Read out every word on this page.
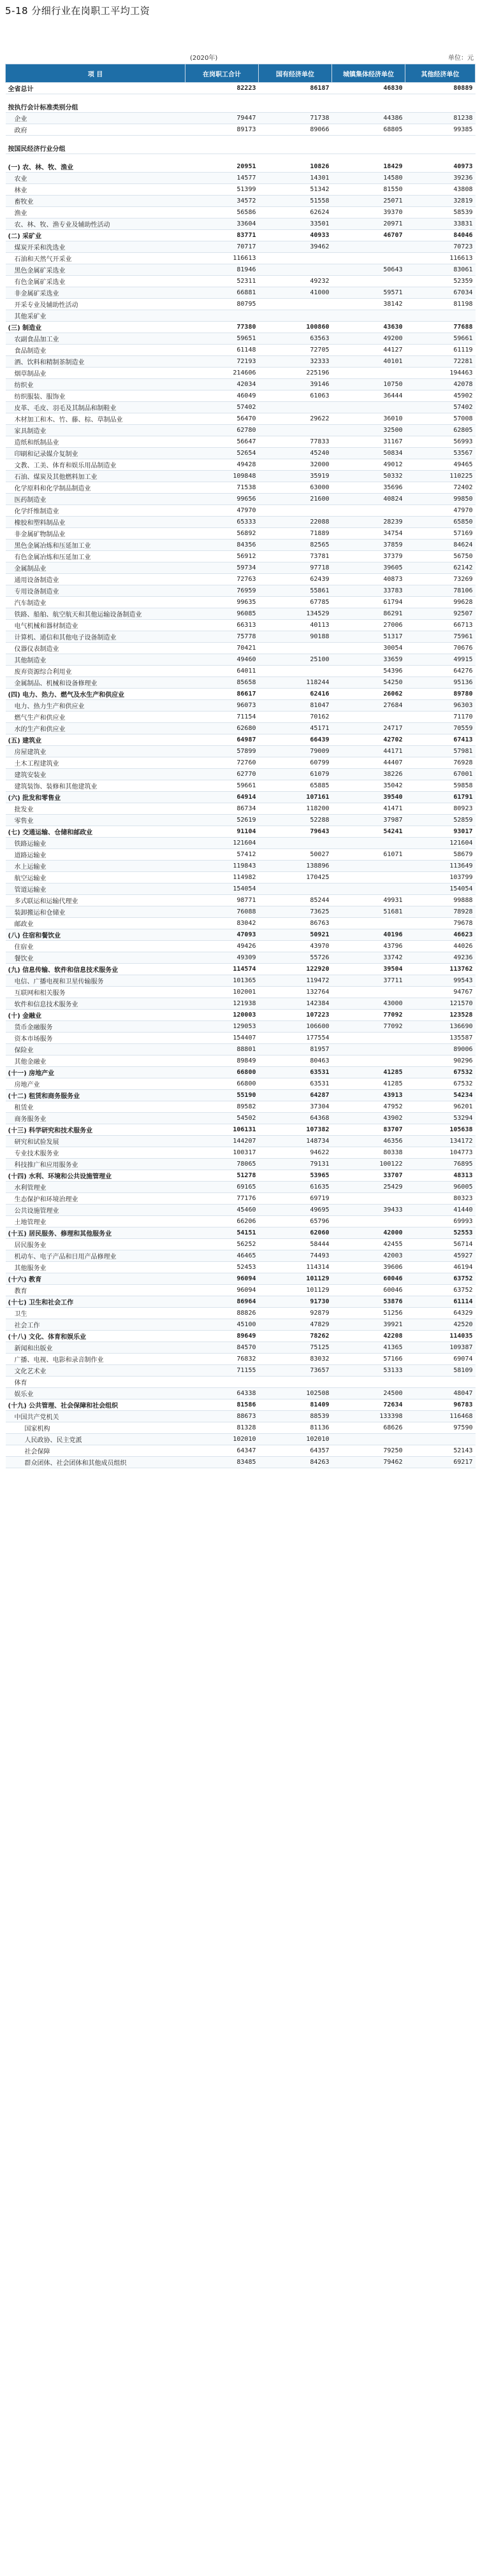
5-18 分细行业在岗职工平均工资
(2020年)	单位：元
项 目	在岗职工合计	国有经济单位	城镇集体经济单位	其他经济单位
全省总计	82223	86187	46830	80889

按执行会计标准类别分组				
企业	79447	71738	44386	81238
政府	89173	89066	68805	99385

按国民经济行业分组				

(一) 农、林、牧、渔业	20951	10826	18429	40973
农业	14577	14301	14580	39236
林业	51399	51342	81550	43808
畜牧业	34572	51558	25071	32819
渔业	56586	62624	39370	58539
农、林、牧、渔专业及辅助性活动	33604	33501	20971	33831
(二) 采矿业	83771	40933	46707	84046
煤炭开采和洗选业	70717	39462		70723
石油和天然气开采业	116613			116613
黑色金属矿采选业	81946		50643	83061
有色金属矿采选业	52311	49232		52359
非金属矿采选业	66881	41000	59571	67034
开采专业及辅助性活动	80795		38142	81198
其他采矿业				
(三) 制造业	77380	100860	43630	77688
农副食品加工业	59651	63563	49200	59661
食品制造业	61148	72705	44127	61119
酒、饮料和精制茶制造业	72193	32333	40101	72281
烟草制品业	214606	225196		194463
纺织业	42034	39146	10750	42078
纺织服装、服饰业	46049	61063	36444	45902
皮革、毛皮、羽毛及其制品和制鞋业	57402			57402
木材加工和木、竹、藤、棕、草制品业	56470	29622	36010	57008
家具制造业	62780		32500	62805
造纸和纸制品业	56647	77833	31167	56993
印刷和记录媒介复制业	52654	45240	50834	53567
文教、工美、体育和娱乐用品制造业	49428	32000	49012	49465
石油、煤炭及其他燃料加工业	109848	35919	50332	110225
化学原料和化学制品制造业	71538	63000	35696	72402
医药制造业	99656	21600	40824	99850
化学纤维制造业	47970			47970
橡胶和塑料制品业	65333	22088	28239	65850
非金属矿物制品业	56892	71889	34754	57169
黑色金属冶炼和压延加工业	84356	82565	37859	84624
有色金属冶炼和压延加工业	56912	73781	37379	56750
金属制品业	59734	97718	39605	62142
通用设备制造业	72763	62439	40873	73269
专用设备制造业	76959	55861	33783	78106
汽车制造业	99635	67785	61794	99628
铁路、船舶、航空航天和其他运输设备制造业	96085	134529	86291	92507
电气机械和器材制造业	66313	40113	27006	66713
计算机、通信和其他电子设备制造业	75778	90188	51317	75961
仪器仪表制造业	70421		30054	70676
其他制造业	49460	25100	33659	49915
废弃资源综合利用业	64011		54396	64276
金属制品、机械和设备修理业	85658	118244	54250	95136
(四) 电力、热力、燃气及水生产和供应业	86617	62416	26062	89780
电力、热力生产和供应业	96073	81047	27684	96303
燃气生产和供应业	71154	70162		71170
水的生产和供应业	62680	45171	24717	70559
(五) 建筑业	64987	66439	42702	67413
房屋建筑业	57899	79009	44171	57981
土木工程建筑业	72760	60799	44407	76928
建筑安装业	62770	61079	38226	67001
建筑装饰、装修和其他建筑业	59661	65885	35042	59858
(六) 批发和零售业	64914	107161	39540	61791
批发业	86734	118200	41471	80923
零售业	52619	52288	37987	52859
(七) 交通运输、仓储和邮政业	91104	79643	54241	93017
铁路运输业	121604			121604
道路运输业	57412	50027	61071	58679
水上运输业	119843	138896		113649
航空运输业	114982	170425		103799
管道运输业	154054			154054
多式联运和运输代理业	98771	85244	49931	99888
装卸搬运和仓储业	76088	73625	51681	78928
邮政业	83042	86763		79678
(八) 住宿和餐饮业	47093	50921	40196	46623
住宿业	49426	43970	43796	44026
餐饮业	49309	55726	33742	49236
(九) 信息传输、软件和信息技术服务业	114574	122920	39504	113762
电信、广播电视和卫星传输服务	101365	119472	37711	99543
互联网和相关服务	102001	132764		94767
软件和信息技术服务业	121938	142384	43000	121570
(十) 金融业	120003	107223	77092	123528
货币金融服务	129053	106600	77092	136690
资本市场服务	154407	177554		135587
保险业	88801	81957		89006
其他金融业	89849	80463		90296
(十一) 房地产业	66800	63531	41285	67532
房地产业	66800	63531	41285	67532
(十二) 租赁和商务服务业	55190	64287	43913	54234
租赁业	89582	37304	47952	96201
商务服务业	54502	64368	43902	53294
(十三) 科学研究和技术服务业	106131	107382	83707	105638
研究和试验发展	144207	148734	46356	134172
专业技术服务业	100317	94622	80338	104773
科技推广和应用服务业	78065	79131	100122	76895
(十四) 水利、环境和公共设施管理业	51278	53965	33707	48313
水利管理业	69165	61635	25429	96005
生态保护和环境治理业	77176	69719		80323
公共设施管理业	45460	49695	39433	41440
土地管理业	66206	65796		69993
(十五) 居民服务、修理和其他服务业	54151	62060	42000	52553
居民服务业	56252	58444	42455	56714
机动车、电子产品和日用产品修理业	46465	74493	42003	45927
其他服务业	52453	114314	39606	46194
(十六) 教育	96094	101129	60046	63752
教育	96094	101129	60046	63752
(十七) 卫生和社会工作	86964	91730	53876	61114
卫生	88826	92879	51256	64329
社会工作	45100	47829	39921	42520
(十八) 文化、体育和娱乐业	89649	78262	42208	114035
新闻和出版业	84570	75125	41365	109387
广播、电视、电影和录音制作业	76832	83032	57166	69074
文化艺术业	71155	73657	53133	58109
体育				
娱乐业	64338	102508	24500	48047
(十九) 公共管理、社会保障和社会组织	81586	81409	72634	96783
中国共产党机关	88673	88539	133398	116468
国家机构	81328	81136	68626	97590
人民政协、民主党派	102010	102010		
社会保障	64347	64357	79250	52143
群众团体、社会团体和其他成员组织	83485	84263	79462	69217
